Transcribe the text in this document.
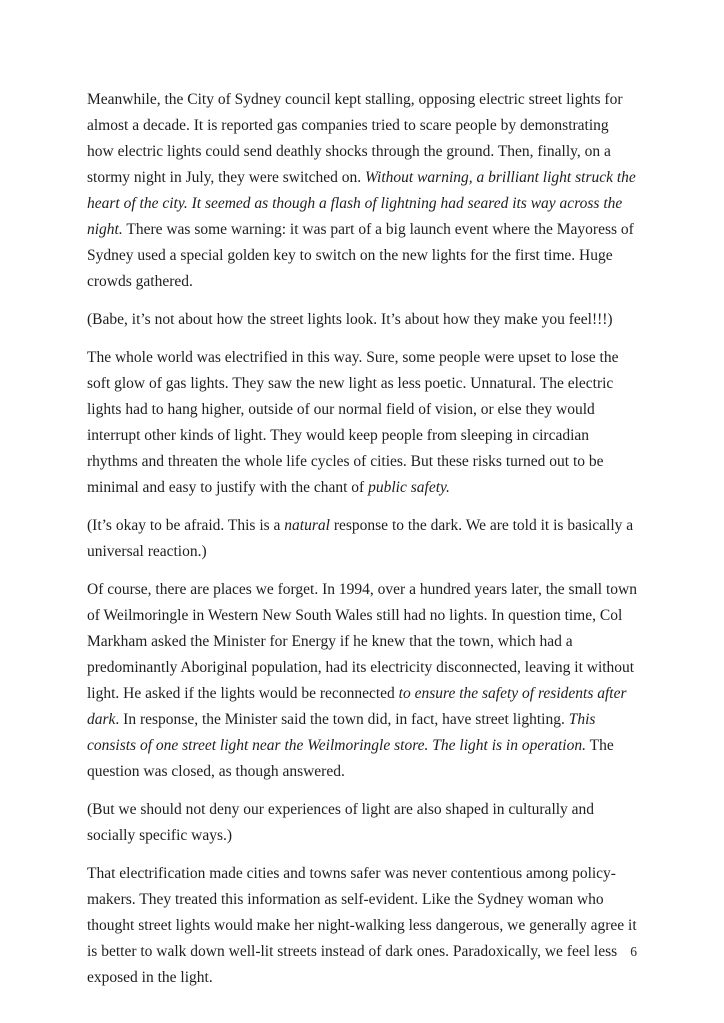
Meanwhile, the City of Sydney council kept stalling, opposing electric street lights for almost a decade. It is reported gas companies tried to scare people by demonstrating how electric lights could send deathly shocks through the ground. Then, finally, on a stormy night in July, they were switched on. Without warning, a brilliant light struck the heart of the city. It seemed as though a flash of lightning had seared its way across the night. There was some warning: it was part of a big launch event where the Mayoress of Sydney used a special golden key to switch on the new lights for the first time. Huge crowds gathered.

(Babe, it’s not about how the street lights look. It’s about how they make you feel!!!)

The whole world was electrified in this way. Sure, some people were upset to lose the soft glow of gas lights. They saw the new light as less poetic. Unnatural. The electric lights had to hang higher, outside of our normal field of vision, or else they would interrupt other kinds of light. They would keep people from sleeping in circadian rhythms and threaten the whole life cycles of cities. But these risks turned out to be minimal and easy to justify with the chant of public safety.

(It’s okay to be afraid. This is a natural response to the dark. We are told it is basically a universal reaction.)

Of course, there are places we forget. In 1994, over a hundred years later, the small town of Weilmoringle in Western New South Wales still had no lights. In question time, Col Markham asked the Minister for Energy if he knew that the town, which had a predominantly Aboriginal population, had its electricity disconnected, leaving it without light. He asked if the lights would be reconnected to ensure the safety of residents after dark. In response, the Minister said the town did, in fact, have street lighting. This consists of one street light near the Weilmoringle store. The light is in operation. The question was closed, as though answered.

(But we should not deny our experiences of light are also shaped in culturally and socially specific ways.)

That electrification made cities and towns safer was never contentious among policy-makers. They treated this information as self-evident. Like the Sydney woman who thought street lights would make her night-walking less dangerous, we generally agree it is better to walk down well-lit streets instead of dark ones. Paradoxically, we feel less exposed in the light.

6
